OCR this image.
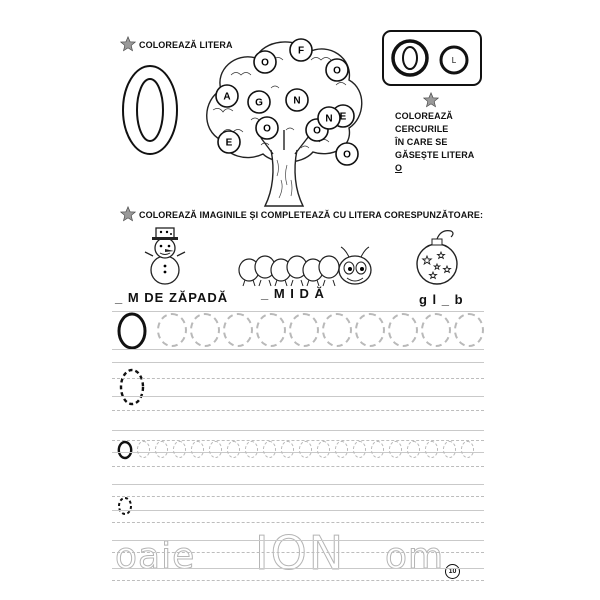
COLOREAZĂ LITERA
O
F
O
A
G	N
E
O	O
N
E
O
L
COLOREAZĂ
CERCURILE
ÎN CARE SE
GĂSEȘTE LITERA
O
COLOREAZĂ IMAGINILE ȘI COMPLETEAZĂ CU LITERA CORESPUNZĂTOARE:
_ M DE ZĂPADĂ	_ M I D Ă	g l _ b
oaie ION om 10
